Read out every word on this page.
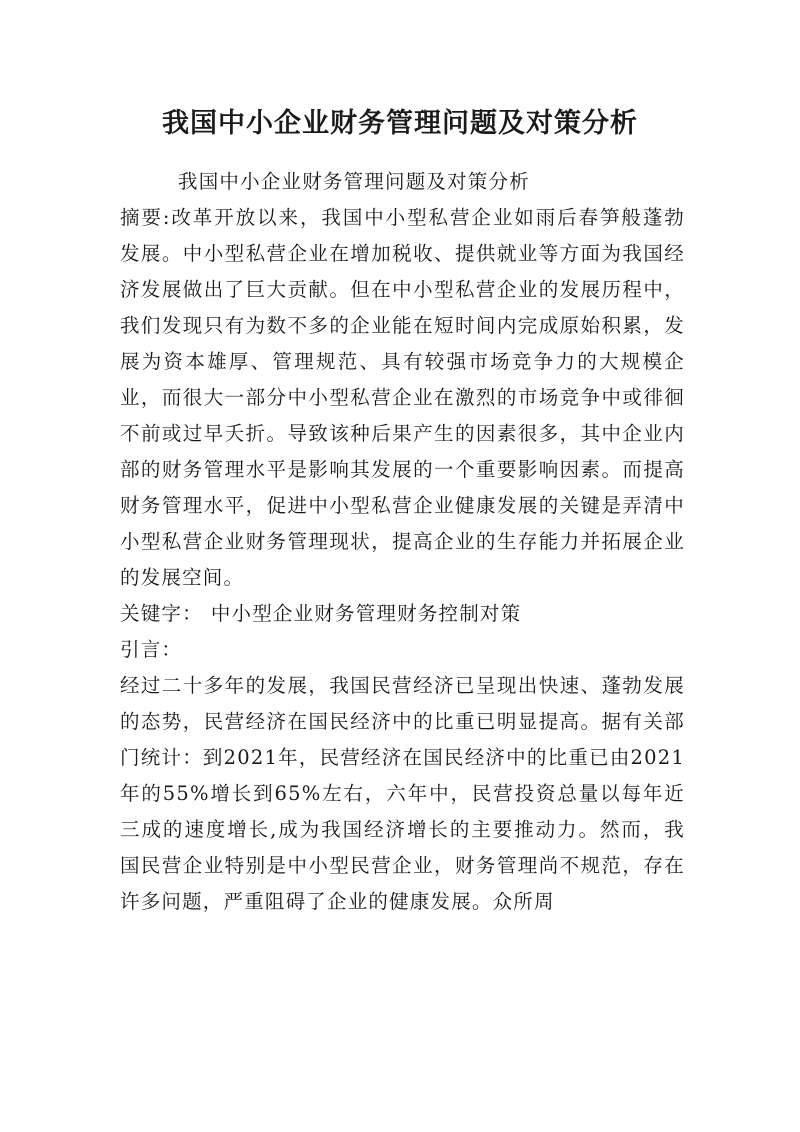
我国中小企业财务管理问题及对策分析

我国中小企业财务管理问题及对策分析

摘要:改革开放以来，我国中小型私营企业如雨后春笋般蓬勃发展。中小型私营企业在增加税收、提供就业等方面为我国经济发展做出了巨大贡献。但在中小型私营企业的发展历程中，我们发现只有为数不多的企业能在短时间内完成原始积累，发展为资本雄厚、管理规范、具有较强市场竞争力的大规模企业，而很大一部分中小型私营企业在激烈的市场竞争中或徘徊不前或过早夭折。导致该种后果产生的因素很多，其中企业内部的财务管理水平是影响其发展的一个重要影响因素。而提高财务管理水平，促进中小型私营企业健康发展的关键是弄清中小型私营企业财务管理现状，提高企业的生存能力并拓展企业的发展空间。

关键字： 中小型企业财务管理财务控制对策

引言：

经过二十多年的发展，我国民营经济已呈现出快速、蓬勃发展的态势，民营经济在国民经济中的比重已明显提高。据有关部门统计：到2021年，民营经济在国民经济中的比重已由2021年的55%增长到65%左右，六年中，民营投资总量以每年近三成的速度增长,成为我国经济增长的主要推动力。然而，我国民营企业特别是中小型民营企业，财务管理尚不规范，存在许多问题，严重阻碍了企业的健康发展。众所周
